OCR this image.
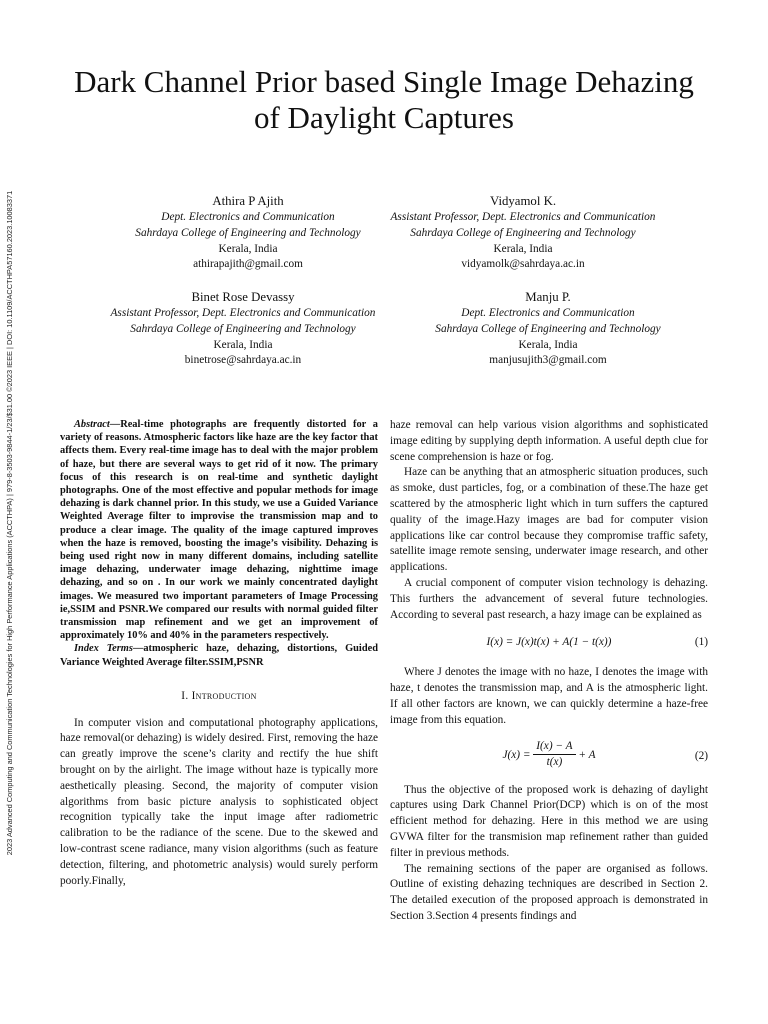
2023 Advanced Computing and Communication Technologies for High Performance Applications (ACCTHPA) | 979-8-3503-9844-1/23/$31.00 ©2023 IEEE | DOI: 10.1109/ACCTHPA57160.2023.10083371
Dark Channel Prior based Single Image Dehazing
of Daylight Captures
Athira P Ajith
Dept. Electronics and Communication
Sahrdaya College of Engineering and Technology
Kerala, India
athirapajith@gmail.com
Vidyamol K.
Assistant Professor, Dept. Electronics and Communication
Sahrdaya College of Engineering and Technology
Kerala, India
vidyamolk@sahrdaya.ac.in
Binet Rose Devassy
Assistant Professor, Dept. Electronics and Communication
Sahrdaya College of Engineering and Technology
Kerala, India
binetrose@sahrdaya.ac.in
Manju P.
Dept. Electronics and Communication
Sahrdaya College of Engineering and Technology
Kerala, India
manjusujith3@gmail.com

Abstract—Real-time photographs are frequently distorted for a variety of reasons. Atmospheric factors like haze are the key factor that affects them. Every real-time image has to deal with the major problem of haze, but there are several ways to get rid of it now. The primary focus of this research is on real-time and synthetic daylight photographs. One of the most effective and popular methods for image dehazing is dark channel prior. In this study, we use a Guided Variance Weighted Average filter to improvise the transmission map and to produce a clear image. The quality of the image captured improves when the haze is removed, boosting the image’s visibility. Dehazing is being used right now in many different domains, including satellite image dehazing, underwater image dehazing, nighttime image dehazing, and so on . In our work we mainly concentrated daylight images. We measured two important parameters of Image Processing ie,SSIM and PSNR.We compared our results with normal guided filter transmission map refinement and we get an improvement of approximately 10% and 40% in the parameters respectively.

Index Terms—atmospheric haze, dehazing, distortions, Guided Variance Weighted Average filter.SSIM,PSNR

I. Introduction

In computer vision and computational photography applications, haze removal(or dehazing) is widely desired. First, removing the haze can greatly improve the scene’s clarity and rectify the hue shift brought on by the airlight. The image without haze is typically more aesthetically pleasing. Second, the majority of computer vision algorithms from basic picture analysis to sophisticated object recognition typically take the input image after radiometric calibration to be the radiance of the scene. Due to the skewed and low-contrast scene radiance, many vision algorithms (such as feature detection, filtering, and photometric analysis) would surely perform poorly.Finally,

haze removal can help various vision algorithms and sophisticated image editing by supplying depth information. A useful depth clue for scene comprehension is haze or fog.

Haze can be anything that an atmospheric situation produces, such as smoke, dust particles, fog, or a combination of these.The haze get scattered by the atmospheric light which in turn suffers the captured quality of the image.Hazy images are bad for computer vision applications like car control because they compromise traffic safety, satellite image remote sensing, underwater image research, and other applications.

A crucial component of computer vision technology is dehazing. This furthers the advancement of several future technologies. According to several past research, a hazy image can be explained as

I(x) = J(x)t(x) + A(1 − t(x))	(1)

Where J denotes the image with no haze, I denotes the image with haze, t denotes the transmission map, and A is the atmospheric light. If all other factors are known, we can quickly determine a haze-free image from this equation.

$J(x) = \frac{I(x) - A}{t(x)} + A$	(2)

Thus the objective of the proposed work is dehazing of daylight captures using Dark Channel Prior(DCP) which is on of the most efficient method for dehazing. Here in this method we are using GVWA filter for the transmision map refinement rather than guided filter in previous methods.

The remaining sections of the paper are organised as follows. Outline of existing dehazing techniques are described in Section 2. The detailed execution of the proposed approach is demonstrated in Section 3.Section 4 presents findings and
